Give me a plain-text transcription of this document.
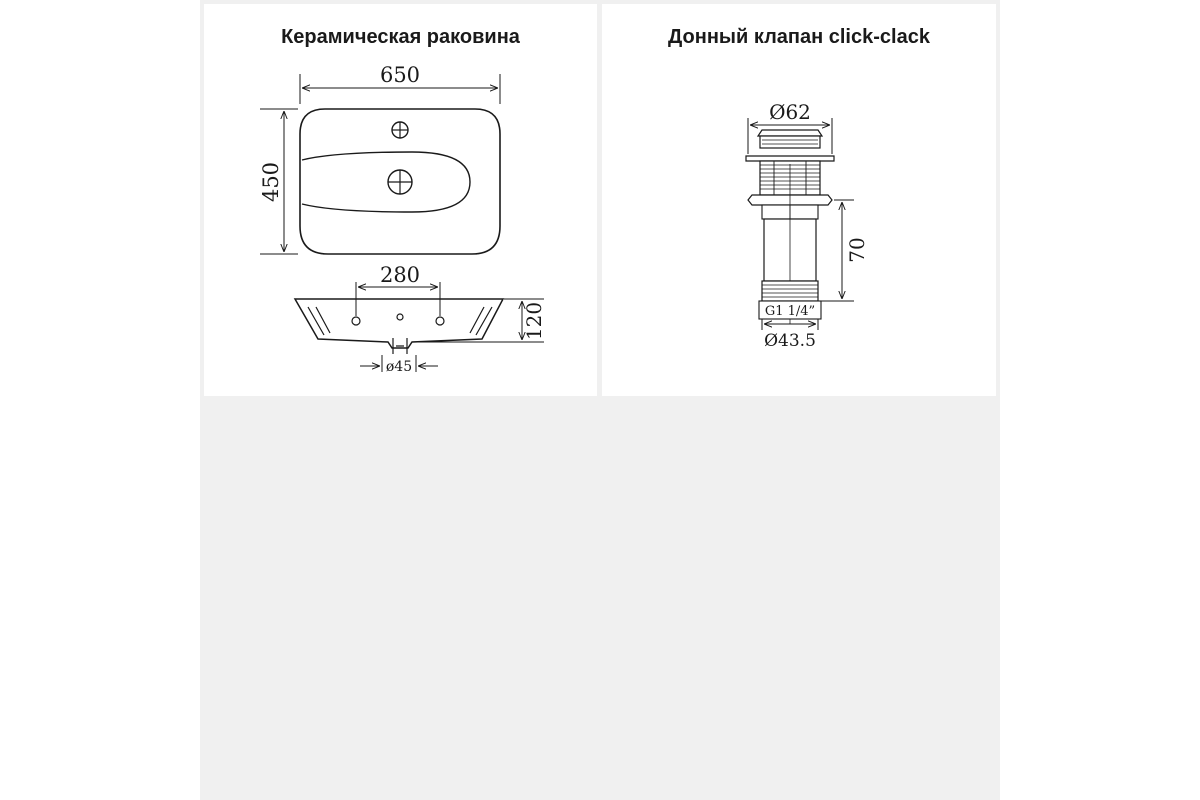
Керамическая раковина
650
450
280
120
ø45
Донный клапан click-clack
Ø62
G1 1/4”
70
Ø43.5
